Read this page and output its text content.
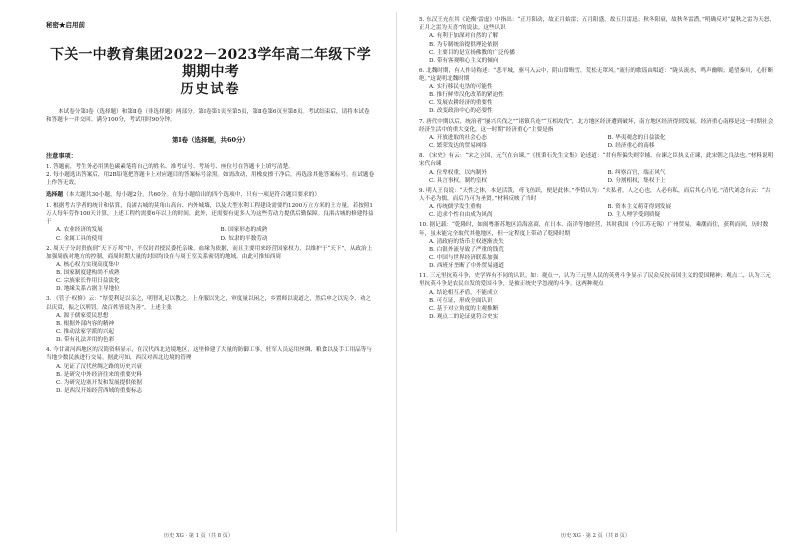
秘密★启用前
下关一中教育集团2022－2023学年高二年级下学期期中考
历史试卷
本试卷分第Ⅰ卷（选择题）和第Ⅱ卷（非选择题）两部分。第Ⅰ卷第1页至第5页，第Ⅱ卷第6页至第8页。考试结束后，请将本试卷和答题卡一并交回。满分100分，考试用时90分钟。
第Ⅰ卷（选择题，共60分）
注意事项：
1. 答题前，考生务必用黑色碳素笔将自己的姓名、准考证号、考场号、座位号在答题卡上填写清楚。
2. 每小题选出答案后，用2B铅笔把答题卡上对应题目的答案标号涂黑。如需改动，用橡皮擦干净后，再选涂其他答案标号。在试题卷上作答无效。
选择题（本大题共30小题，每小题2分，共60分。在每小题给出的四个选项中，只有一项是符合题目要求的）
1. 根据考古学者的统计和估算，良渚古城的莫角山高台、内外城墙，以及大型水利工程建设需要约1200万立方米的土方量。若按照1万人每年劳作100天计算，上述工程约需要6年以上的时间。此外，还需要有更多人为这些劳动力提供后勤保障。良渚古城的修建得益于
A. 农业经济的发展	B. 国家形态的成熟
C. 金属工具的使用	D. 奴隶的半数劳动
2. 周天子分封贵族到“天下万邦”中，不仅封君授民委托亲缘，血缘为依据，而且主要用来经营国家权力，以维护于“天下”。从政治上加强周族对地方的控制，商周时期大量的封国均设在与周王室关系密切的地域。由此可推知西周
A. 核心权力实现高度集中
B. 国家制度建构尚不成熟
C. 宗族家长作用日益淡化
D. 地缘关系占据主导地位
3. 《管子·权修》云：“厚爱利足以亲之，明智礼足以教之。上身服以先之，审度量以闲之，乡置师以说道之，然后申之以宪令，劝之以庆赏，振之以刑罚。故百姓皆说为善”。上述主张
A. 源于儒家爱民思想
B. 根据外部内容的精神
C. 推动法家学派的兴起
D. 带有礼法并用的色彩
4. 今甘肃河西地区的汉简资料显示，在汉代西北边境地区，这里修建了大量的防御工事，驻军人员运用丝绸、粮食以及手工用品等与当地少数民族进行交易。据此可知，西汉对西北边境的管理
A. 见证了汉代丝绸之路的历史兴衰
B. 是研究中外经济往来的重要史料
C. 为研究边塞开发和发展提供依据
D. 是西汉开始经营西域的重要标志
历史 XG · 第 1 页（共 8 页）
5. 东汉王充在其《论衡·雷虚》中指出：“正月阳动，故正月始雷；五月阳盛，故五月雷迅；秋冬阳衰，故秋冬雷潜。”明确反对“夏秋之雷为天怒，正月之雷为天喜”的说法。这些认识
A. 有利于加深对自然的了解
B. 为专制统治提供理论依据
C. 主要目的是宣扬佛教的广泛传播
D. 带有客观唯心主义的倾向
6. 北魏时期，有人作诗称述：“悲平城，驱马入云中，阴山常晦雪，荒松无罩风。”流行的歌谣由唱道：“陇头流水，鸣声幽咽；遥望秦川，心肝断绝。”这说明北魏时期
A. 实行移民屯垦的可能性
B. 推行鲜卑汉化改革的紧迫性
C. 发展农耕经济的重要性
D. 改变政治中心的必要性
7. 唐代中期以后，统治者“屡兴兵伐之”“诸镇兵连”“互相攻伐”，北方地区经济遭到破坏，南方地区经济得到发展，经济重心南移是这一时期社会经济生活中的重大变化，这一时期“经济重心”主要是指
A. 开放进取的社会心态	B. 华夷观念的日益淡化
C. 繁荣发达的贸易网络	D. 经济重心的南移
8. 《宋史》有云：“宋之立国，元气在台谏。”《扭秉石先生文集》论述道：“君有所偏失则宰辅、台谏之臣执义正谏，此宋朝之良法也。”材料说明宋代台谏
A. 位卑权重，以内制外	B. 纠察百官，端正风气
C. 具言事权，制约皇权	D. 分割相权，集权于上
9. 明人王良说：“天性之体，本是活泼，鸢飞鱼跃，便是此体。”李贽认为：“夫私者，人之心也，人必有私，而后其心乃见。”清代刘念台云：“古人不必为儒，而后乃可为圣贤。”材料反映了当时
A. 传统儒学发生重构	B. 资本主义萌芽得到发展
C. 追求个性自由成为风尚	D. 主人理学受到质疑
10. 据记载：“乾隆时，如闽粤浙苏地区沿海富商，在日本、南洋等地经营，其时我国（今江苏无锡）广州贸易，乘潮而往，获利而回，历时数年，虽未能完全取代其他地区，但一定程度上带动了乾隆时期
A. 清政府的货币主权逐渐丧失
B. 白银外流导致了严重的钱荒
C. 中国与世界经济联系加强
D. 西班牙垄断了中外贸易通道
11. 三元里抗英斗争，史学界有不同的认识。如：观点一，认为三元里人民的英勇斗争显示了民众反抗帝国主义的爱国精神；观点二，认为三元里抗英斗争是农民自发的爱国斗争，是被正统史学忽视的斗争。这两种观点
A. 结论相互矛盾，不能成立
B. 可互证，形成全面认识
C. 基于对立角度的主观推断
D. 观点二的论证更符合史实
历史 XG · 第 2 页（共 8 页）
